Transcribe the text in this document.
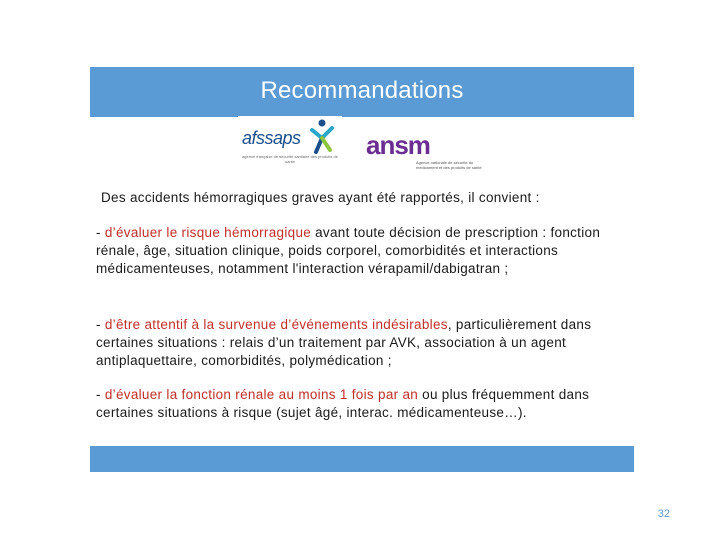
Recommandations
afssaps
agence française de sécurité sanitaire des produits de santé
ansm
Agence nationale de sécurité du médicament et des produits de santé
Des accidents hémorragiques graves ayant été rapportés, il convient :
- d’évaluer le risque hémorragique avant toute décision de prescription : fonction rénale, âge, situation clinique, poids corporel, comorbidités et interactions médicamenteuses, notamment l'interaction vérapamil/dabigatran ;
- d’être attentif à la survenue d’événements indésirables, particulièrement dans certaines situations : relais d’un traitement par AVK, association à un agent antiplaquettaire, comorbidités, polymédication ;
- d’évaluer la fonction rénale au moins 1 fois par an ou plus fréquemment dans certaines situations à risque (sujet âgé, interac. médicamenteuse…).
32
